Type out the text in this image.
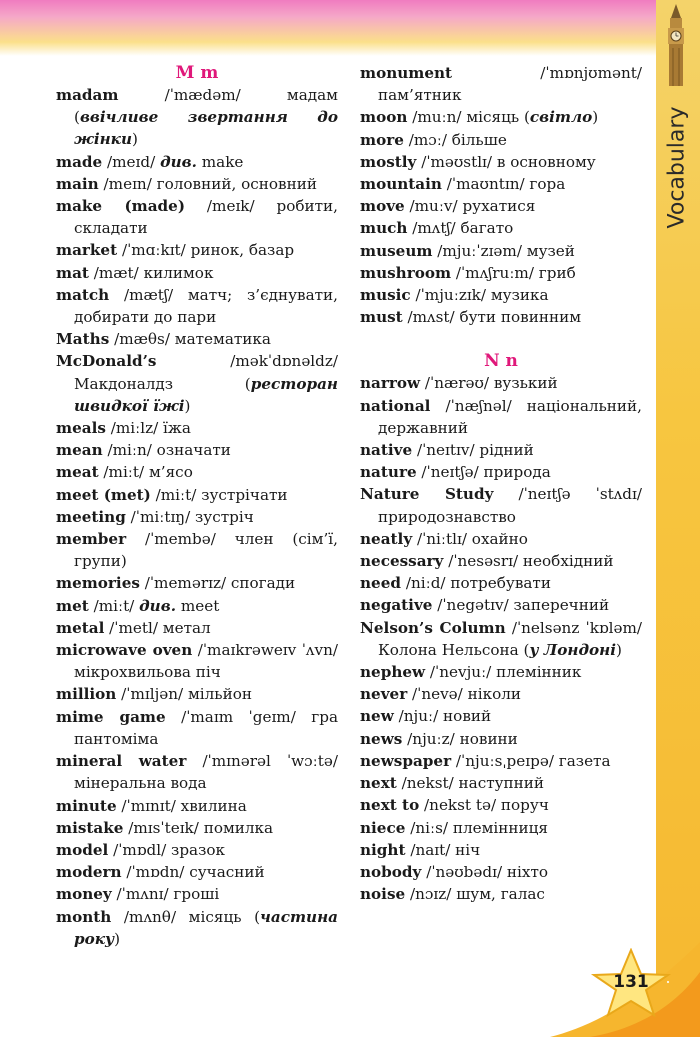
Vocabulary
131
M m
madam /ˈmædəm/ мадам (ввічливе звертання до жінки)
made /meɪd/ див. make
main /meɪn/ головний, основний
make (made) /meɪk/ робити, складати
market /ˈmɑːkɪt/ ринок, базар
mat /mæt/ килимок
match /mætʃ/ матч; з’єднувати, добирати до пари
Maths /mæθs/ математика
McDonald’s /məkˈdɒnəldz/ Макдоналдз (ресторан швидкої їжі)
meals /miːlz/ їжа
mean /miːn/ означати
meat /miːt/ м’ясо
meet (met) /miːt/ зустрічати
meeting /ˈmiːtɪŋ/ зустріч
member /ˈmembə/ член (сім’ї, групи)
memories /ˈmemərɪz/ спогади
met /miːt/ див. meet
metal /ˈmetl/ метал
microwave oven /ˈmaɪkrəweɪv ˈʌvn/ мікрохвильова піч
million /ˈmɪljən/ мільйон
mime game /ˈmaɪm ˈgeɪm/ гра пантоміма
mineral water /ˈmɪnərəl ˈwɔːtə/ мінеральна вода
minute /ˈmɪnɪt/ хвилина
mistake /mɪsˈteɪk/ помилка
model /ˈmɒdl/ зразок
modern /ˈmɒdn/ сучасний
money /ˈmʌnɪ/ гроші
month /mʌnθ/ місяць (частина року)
monument /ˈmɒnjʊmənt/ пам’ятник
moon /muːn/ місяць (світло)
more /mɔː/ більше
mostly /ˈməʊstlɪ/ в основному
mountain /ˈmaʊntɪn/ гора
move /muːv/ рухатися
much /mʌtʃ/ багато
museum /mjuːˈzɪəm/ музей
mushroom /ˈmʌʃruːm/ гриб
music /ˈmjuːzɪk/ музика
must /mʌst/ бути повинним
N n
narrow /ˈnærəʊ/ вузький
national /ˈnæʃnəl/ національний, державний
native /ˈneɪtɪv/ рідний
nature /ˈneɪtʃə/ природа
Nature Study /ˈneɪtʃə ˈstʌdɪ/ природознавство
neatly /ˈniːtlɪ/ охайно
necessary /ˈnesəsrɪ/ необхідний
need /niːd/ потребувати
negative /ˈnegətɪv/ заперечний
Nelson’s Column /ˈnelsənz ˈkɒləm/ Колона Нельсона (у Лондоні)
nephew /ˈnevjuː/ племінник
never /ˈnevə/ ніколи
new /njuː/ новий
news /njuːz/ новини
newspaper /ˈnjuːsˌpeɪpə/ газета
next /nekst/ наступний
next to /nekst tə/ поруч
niece /niːs/ племінниця
night /naɪt/ ніч
nobody /ˈnəʊbədɪ/ ніхто
noise /nɔɪz/ шум, галас
